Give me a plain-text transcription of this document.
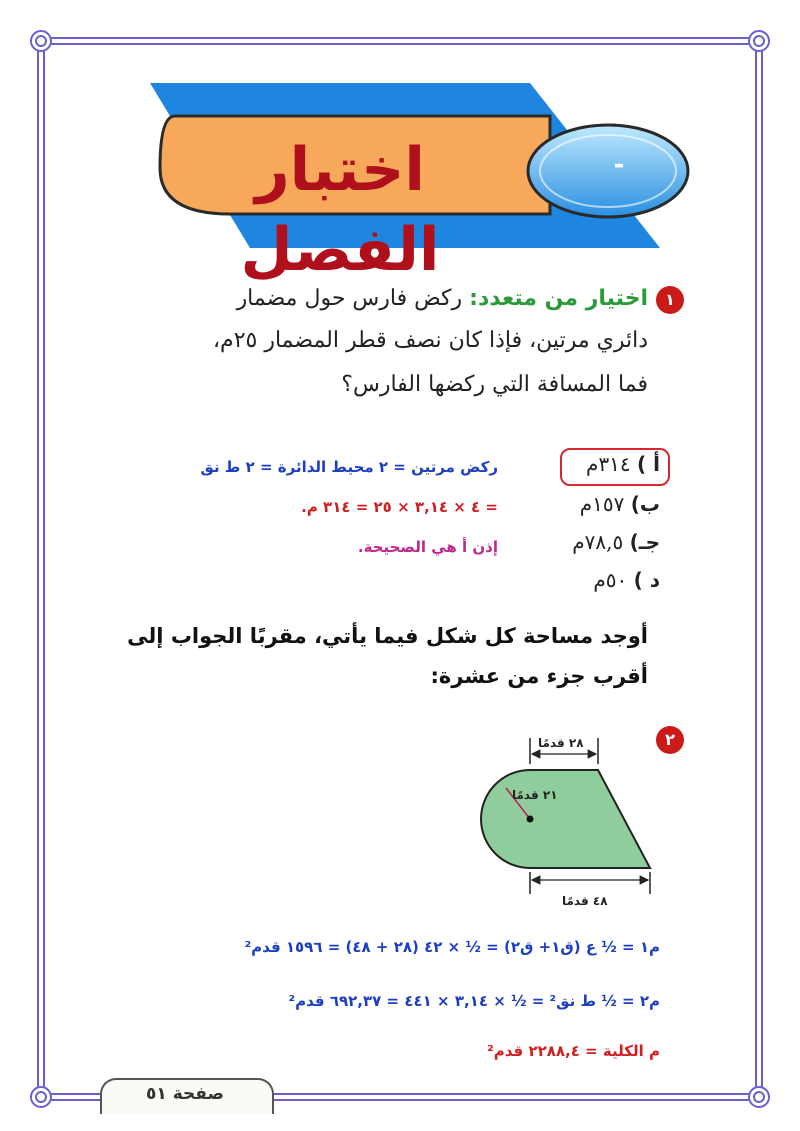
اختبار الفصل
-
١
اختيار من متعدد: ركض فارس حول مضمار
دائري مرتين، فإذا كان نصف قطر المضمار ٢٥م،
فما المسافة التي ركضها الفارس؟
أ ) ٣١٤م
ب) ١٥٧م
جـ) ٧٨,٥م
د ) ٥٠م
ركض مرتين = ٢ محيط الدائرة = ٢ ط نق
= ٤ × ٣,١٤ × ٢٥ = ٣١٤ م.
إذن أ هي الصحيحة.
أوجد مساحة كل شكل فيما يأتي، مقربًا الجواب إلى
أقرب جزء من عشرة:
٢
٢٨ قدمًا
٢١ قدمًا
٤٨ قدمًا
م١ = ½ ع (ق١+ ق٢) = ½ × ٤٢ (٢٨ + ٤٨) = ١٥٩٦ قدم²
م٢ = ½ ط نق² = ½ × ٣,١٤ × ٤٤١ = ٦٩٢,٣٧ قدم²
م الكلية = ٢٢٨٨,٤ قدم²
صفحة ٥١
